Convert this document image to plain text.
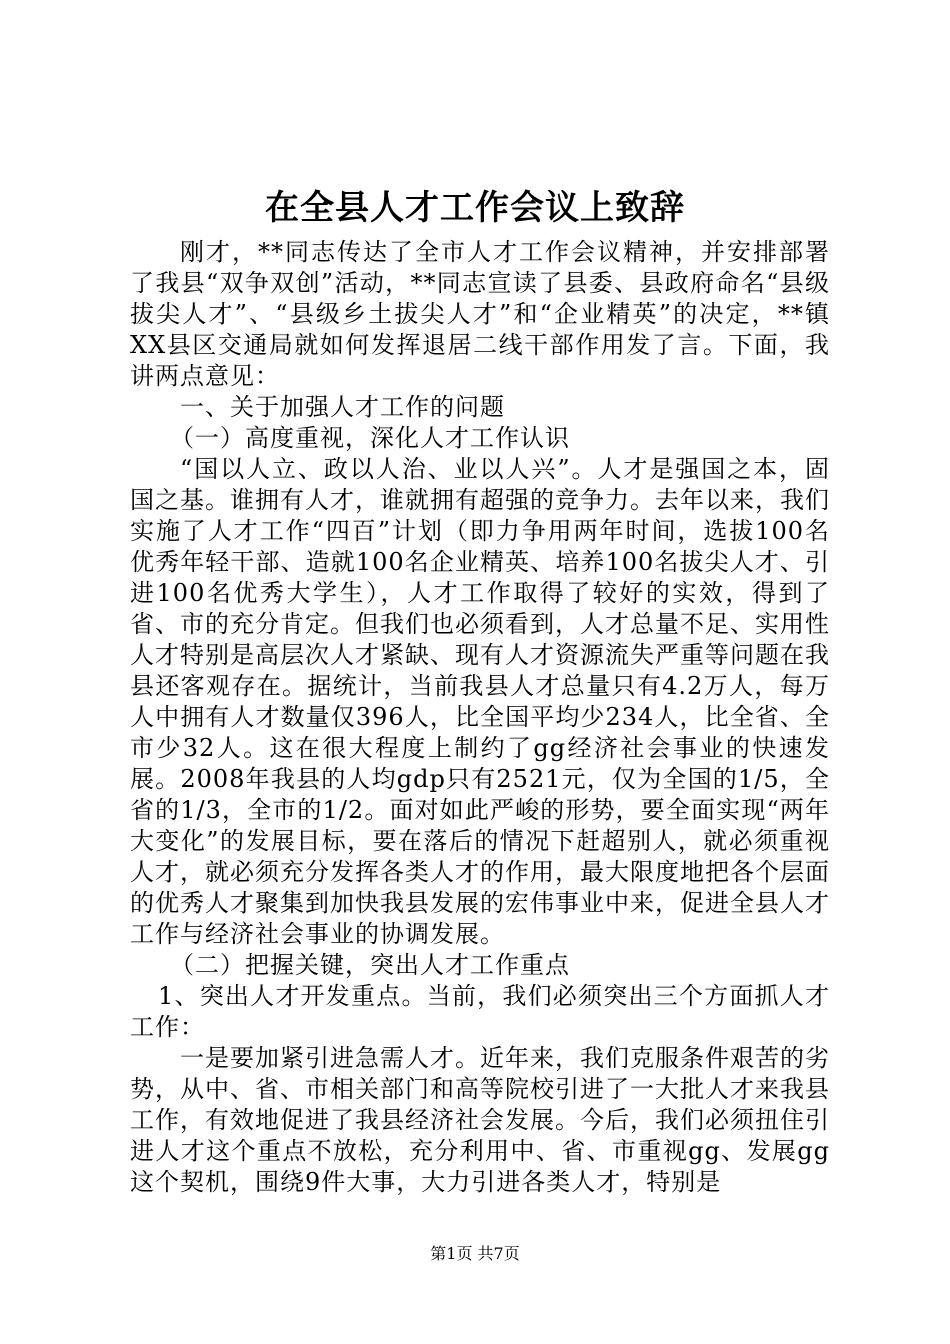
在全县人才工作会议上致辞

刚才，**同志传达了全市人才工作会议精神，并安排部署了我县“双争双创”活动，**同志宣读了县委、县政府命名“县级拔尖人才”、“县级乡土拔尖人才”和“企业精英”的决定，**镇XX县区交通局就如何发挥退居二线干部作用发了言。下面，我讲两点意见：

一、关于加强人才工作的问题

（一）高度重视，深化人才工作认识

“国以人立、政以人治、业以人兴”。人才是强国之本，固国之基。谁拥有人才，谁就拥有超强的竞争力。去年以来，我们实施了人才工作“四百”计划（即力争用两年时间，选拔100名优秀年轻干部、造就100名企业精英、培养100名拔尖人才、引进100名优秀大学生），人才工作取得了较好的实效，得到了省、市的充分肯定。但我们也必须看到，人才总量不足、实用性人才特别是高层次人才紧缺、现有人才资源流失严重等问题在我县还客观存在。据统计，当前我县人才总量只有4.2万人，每万人中拥有人才数量仅396人，比全国平均少234人，比全省、全市少32人。这在很大程度上制约了gg经济社会事业的快速发展。2008年我县的人均gdp只有2521元，仅为全国的1/5，全省的1/3，全市的1/2。面对如此严峻的形势，要全面实现“两年大变化”的发展目标，要在落后的情况下赶超别人，就必须重视人才，就必须充分发挥各类人才的作用，最大限度地把各个层面的优秀人才聚集到加快我县发展的宏伟事业中来，促进全县人才工作与经济社会事业的协调发展。

（二）把握关键，突出人才工作重点

1、突出人才开发重点。当前，我们必须突出三个方面抓人才工作：

一是要加紧引进急需人才。近年来，我们克服条件艰苦的劣势，从中、省、市相关部门和高等院校引进了一大批人才来我县工作，有效地促进了我县经济社会发展。今后，我们必须扭住引进人才这个重点不放松，充分利用中、省、市重视gg、发展gg这个契机，围绕9件大事，大力引进各类人才，特别是

第1页 共7页
